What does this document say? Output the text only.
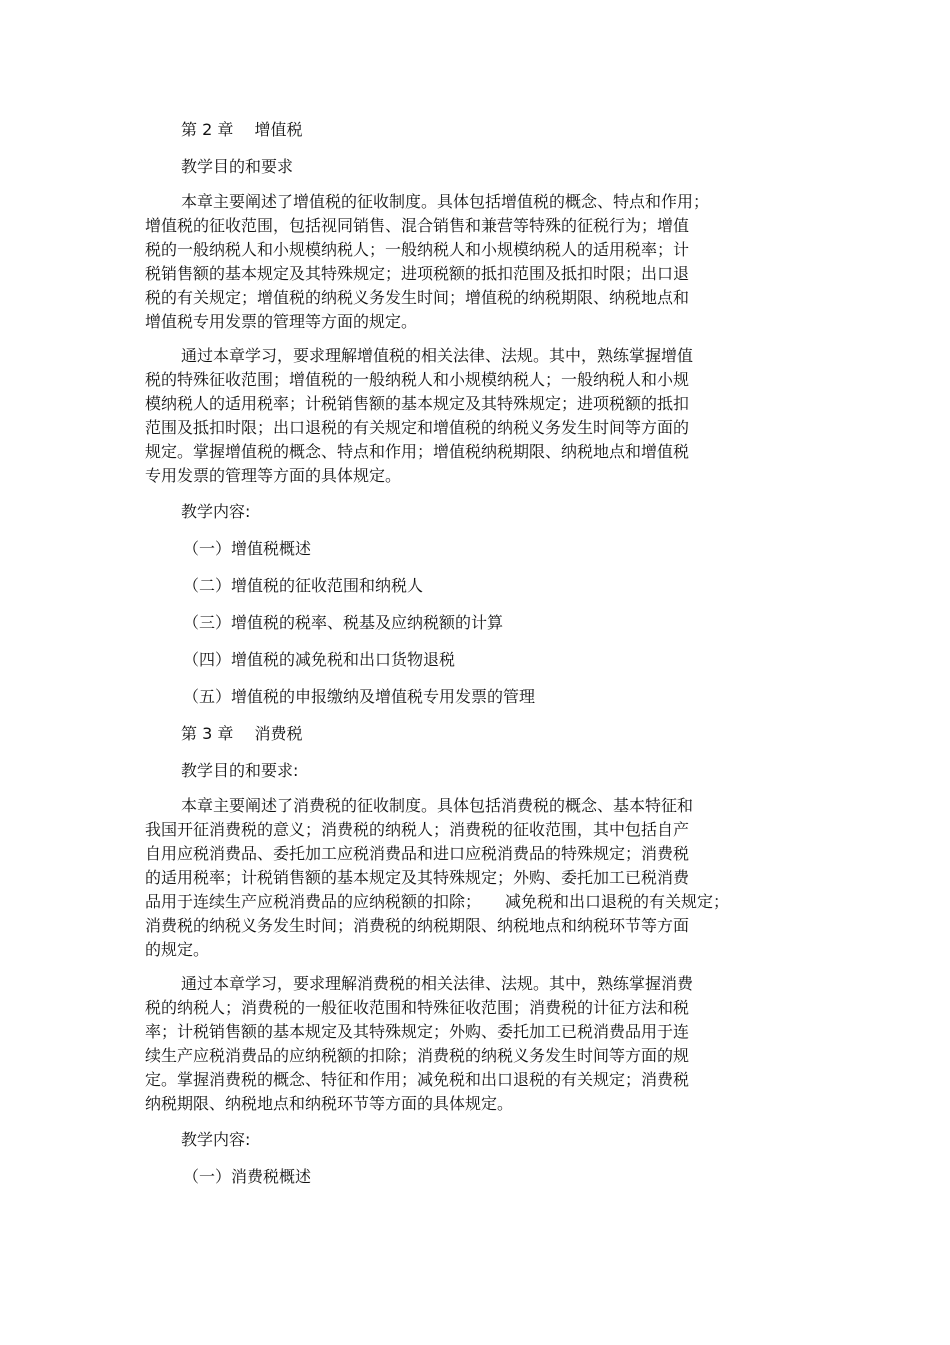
第 2 章　 增值税
教学目的和要求
本章主要阐述了增值税的征收制度。具体包括增值税的概念、特点和作用；
增值税的征收范围，包括视同销售、混合销售和兼营等特殊的征税行为；增值
税的一般纳税人和小规模纳税人；一般纳税人和小规模纳税人的适用税率；计
税销售额的基本规定及其特殊规定；进项税额的抵扣范围及抵扣时限；出口退
税的有关规定；增值税的纳税义务发生时间；增值税的纳税期限、纳税地点和
增值税专用发票的管理等方面的规定。
通过本章学习，要求理解增值税的相关法律、法规。其中，熟练掌握增值
税的特殊征收范围；增值税的一般纳税人和小规模纳税人；一般纳税人和小规
模纳税人的适用税率；计税销售额的基本规定及其特殊规定；进项税额的抵扣
范围及抵扣时限；出口退税的有关规定和增值税的纳税义务发生时间等方面的
规定。掌握增值税的概念、特点和作用；增值税纳税期限、纳税地点和增值税
专用发票的管理等方面的具体规定。
教学内容:
（一）增值税概述
（二）增值税的征收范围和纳税人
（三）增值税的税率、税基及应纳税额的计算
（四）增值税的减免税和出口货物退税
（五）增值税的申报缴纳及增值税专用发票的管理
第 3 章　 消费税
教学目的和要求:
本章主要阐述了消费税的征收制度。具体包括消费税的概念、基本特征和
我国开征消费税的意义；消费税的纳税人；消费税的征收范围，其中包括自产
自用应税消费品、委托加工应税消费品和进口应税消费品的特殊规定；消费税
的适用税率；计税销售额的基本规定及其特殊规定；外购、委托加工已税消费
品用于连续生产应税消费品的应纳税额的扣除；　　减免税和出口退税的有关规定；
消费税的纳税义务发生时间；消费税的纳税期限、纳税地点和纳税环节等方面
的规定。
通过本章学习，要求理解消费税的相关法律、法规。其中，熟练掌握消费
税的纳税人；消费税的一般征收范围和特殊征收范围；消费税的计征方法和税
率；计税销售额的基本规定及其特殊规定；外购、委托加工已税消费品用于连
续生产应税消费品的应纳税额的扣除；消费税的纳税义务发生时间等方面的规
定。掌握消费税的概念、特征和作用；减免税和出口退税的有关规定；消费税
纳税期限、纳税地点和纳税环节等方面的具体规定。
教学内容:
（一）消费税概述
